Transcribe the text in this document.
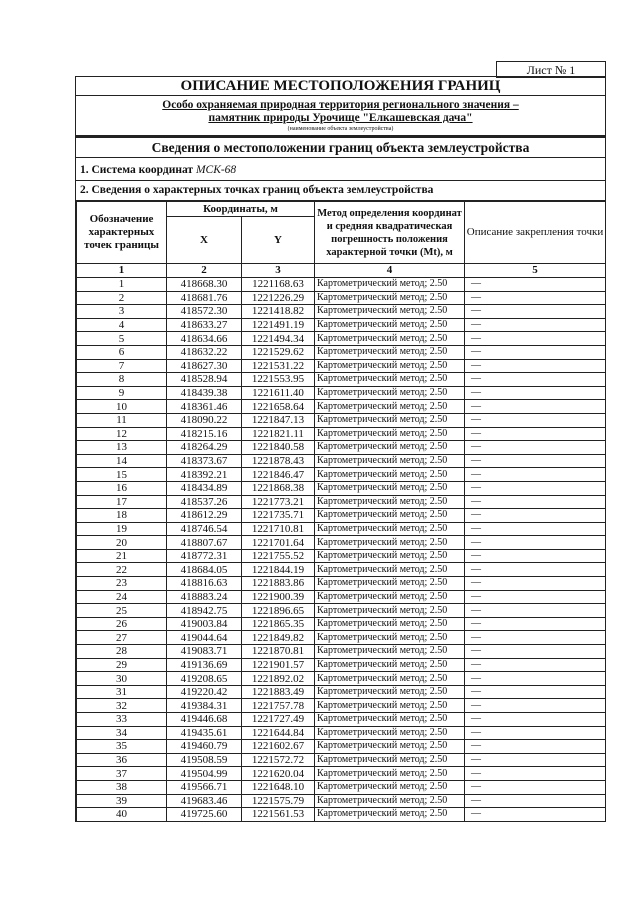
Лист № 1
ОПИСАНИЕ МЕСТОПОЛОЖЕНИЯ ГРАНИЦ
Особо охраняемая природная территория регионального значения –
памятник природы Урочище "Елкашевская дача"
(наименование объекта землеустройства)
Сведения о местоположении границ объекта землеустройства
1. Система координат МСК-68
2. Сведения о характерных точках границ объекта землеустройства
Обозначение характерных точек границы	Координаты, м		Метод определения координат и средняя квадратическая погрешность положения характерной точки (Mt), м	Описание закрепления точки
	X	Y		
1	2	3	4	5
1	418668.30	1221168.63	Картометрический метод; 2.50	—
2	418681.76	1221226.29	Картометрический метод; 2.50	—
3	418572.30	1221418.82	Картометрический метод; 2.50	—
4	418633.27	1221491.19	Картометрический метод; 2.50	—
5	418634.66	1221494.34	Картометрический метод; 2.50	—
6	418632.22	1221529.62	Картометрический метод; 2.50	—
7	418627.30	1221531.22	Картометрический метод; 2.50	—
8	418528.94	1221553.95	Картометрический метод; 2.50	—
9	418439.38	1221611.40	Картометрический метод; 2.50	—
10	418361.46	1221658.64	Картометрический метод; 2.50	—
11	418090.22	1221847.13	Картометрический метод; 2.50	—
12	418215.16	1221821.11	Картометрический метод; 2.50	—
13	418264.29	1221840.58	Картометрический метод; 2.50	—
14	418373.67	1221878.43	Картометрический метод; 2.50	—
15	418392.21	1221846.47	Картометрический метод; 2.50	—
16	418434.89	1221868.38	Картометрический метод; 2.50	—
17	418537.26	1221773.21	Картометрический метод; 2.50	—
18	418612.29	1221735.71	Картометрический метод; 2.50	—
19	418746.54	1221710.81	Картометрический метод; 2.50	—
20	418807.67	1221701.64	Картометрический метод; 2.50	—
21	418772.31	1221755.52	Картометрический метод; 2.50	—
22	418684.05	1221844.19	Картометрический метод; 2.50	—
23	418816.63	1221883.86	Картометрический метод; 2.50	—
24	418883.24	1221900.39	Картометрический метод; 2.50	—
25	418942.75	1221896.65	Картометрический метод; 2.50	—
26	419003.84	1221865.35	Картометрический метод; 2.50	—
27	419044.64	1221849.82	Картометрический метод; 2.50	—
28	419083.71	1221870.81	Картометрический метод; 2.50	—
29	419136.69	1221901.57	Картометрический метод; 2.50	—
30	419208.65	1221892.02	Картометрический метод; 2.50	—
31	419220.42	1221883.49	Картометрический метод; 2.50	—
32	419384.31	1221757.78	Картометрический метод; 2.50	—
33	419446.68	1221727.49	Картометрический метод; 2.50	—
34	419435.61	1221644.84	Картометрический метод; 2.50	—
35	419460.79	1221602.67	Картометрический метод; 2.50	—
36	419508.59	1221572.72	Картометрический метод; 2.50	—
37	419504.99	1221620.04	Картометрический метод; 2.50	—
38	419566.71	1221648.10	Картометрический метод; 2.50	—
39	419683.46	1221575.79	Картометрический метод; 2.50	—
40	419725.60	1221561.53	Картометрический метод; 2.50	—
